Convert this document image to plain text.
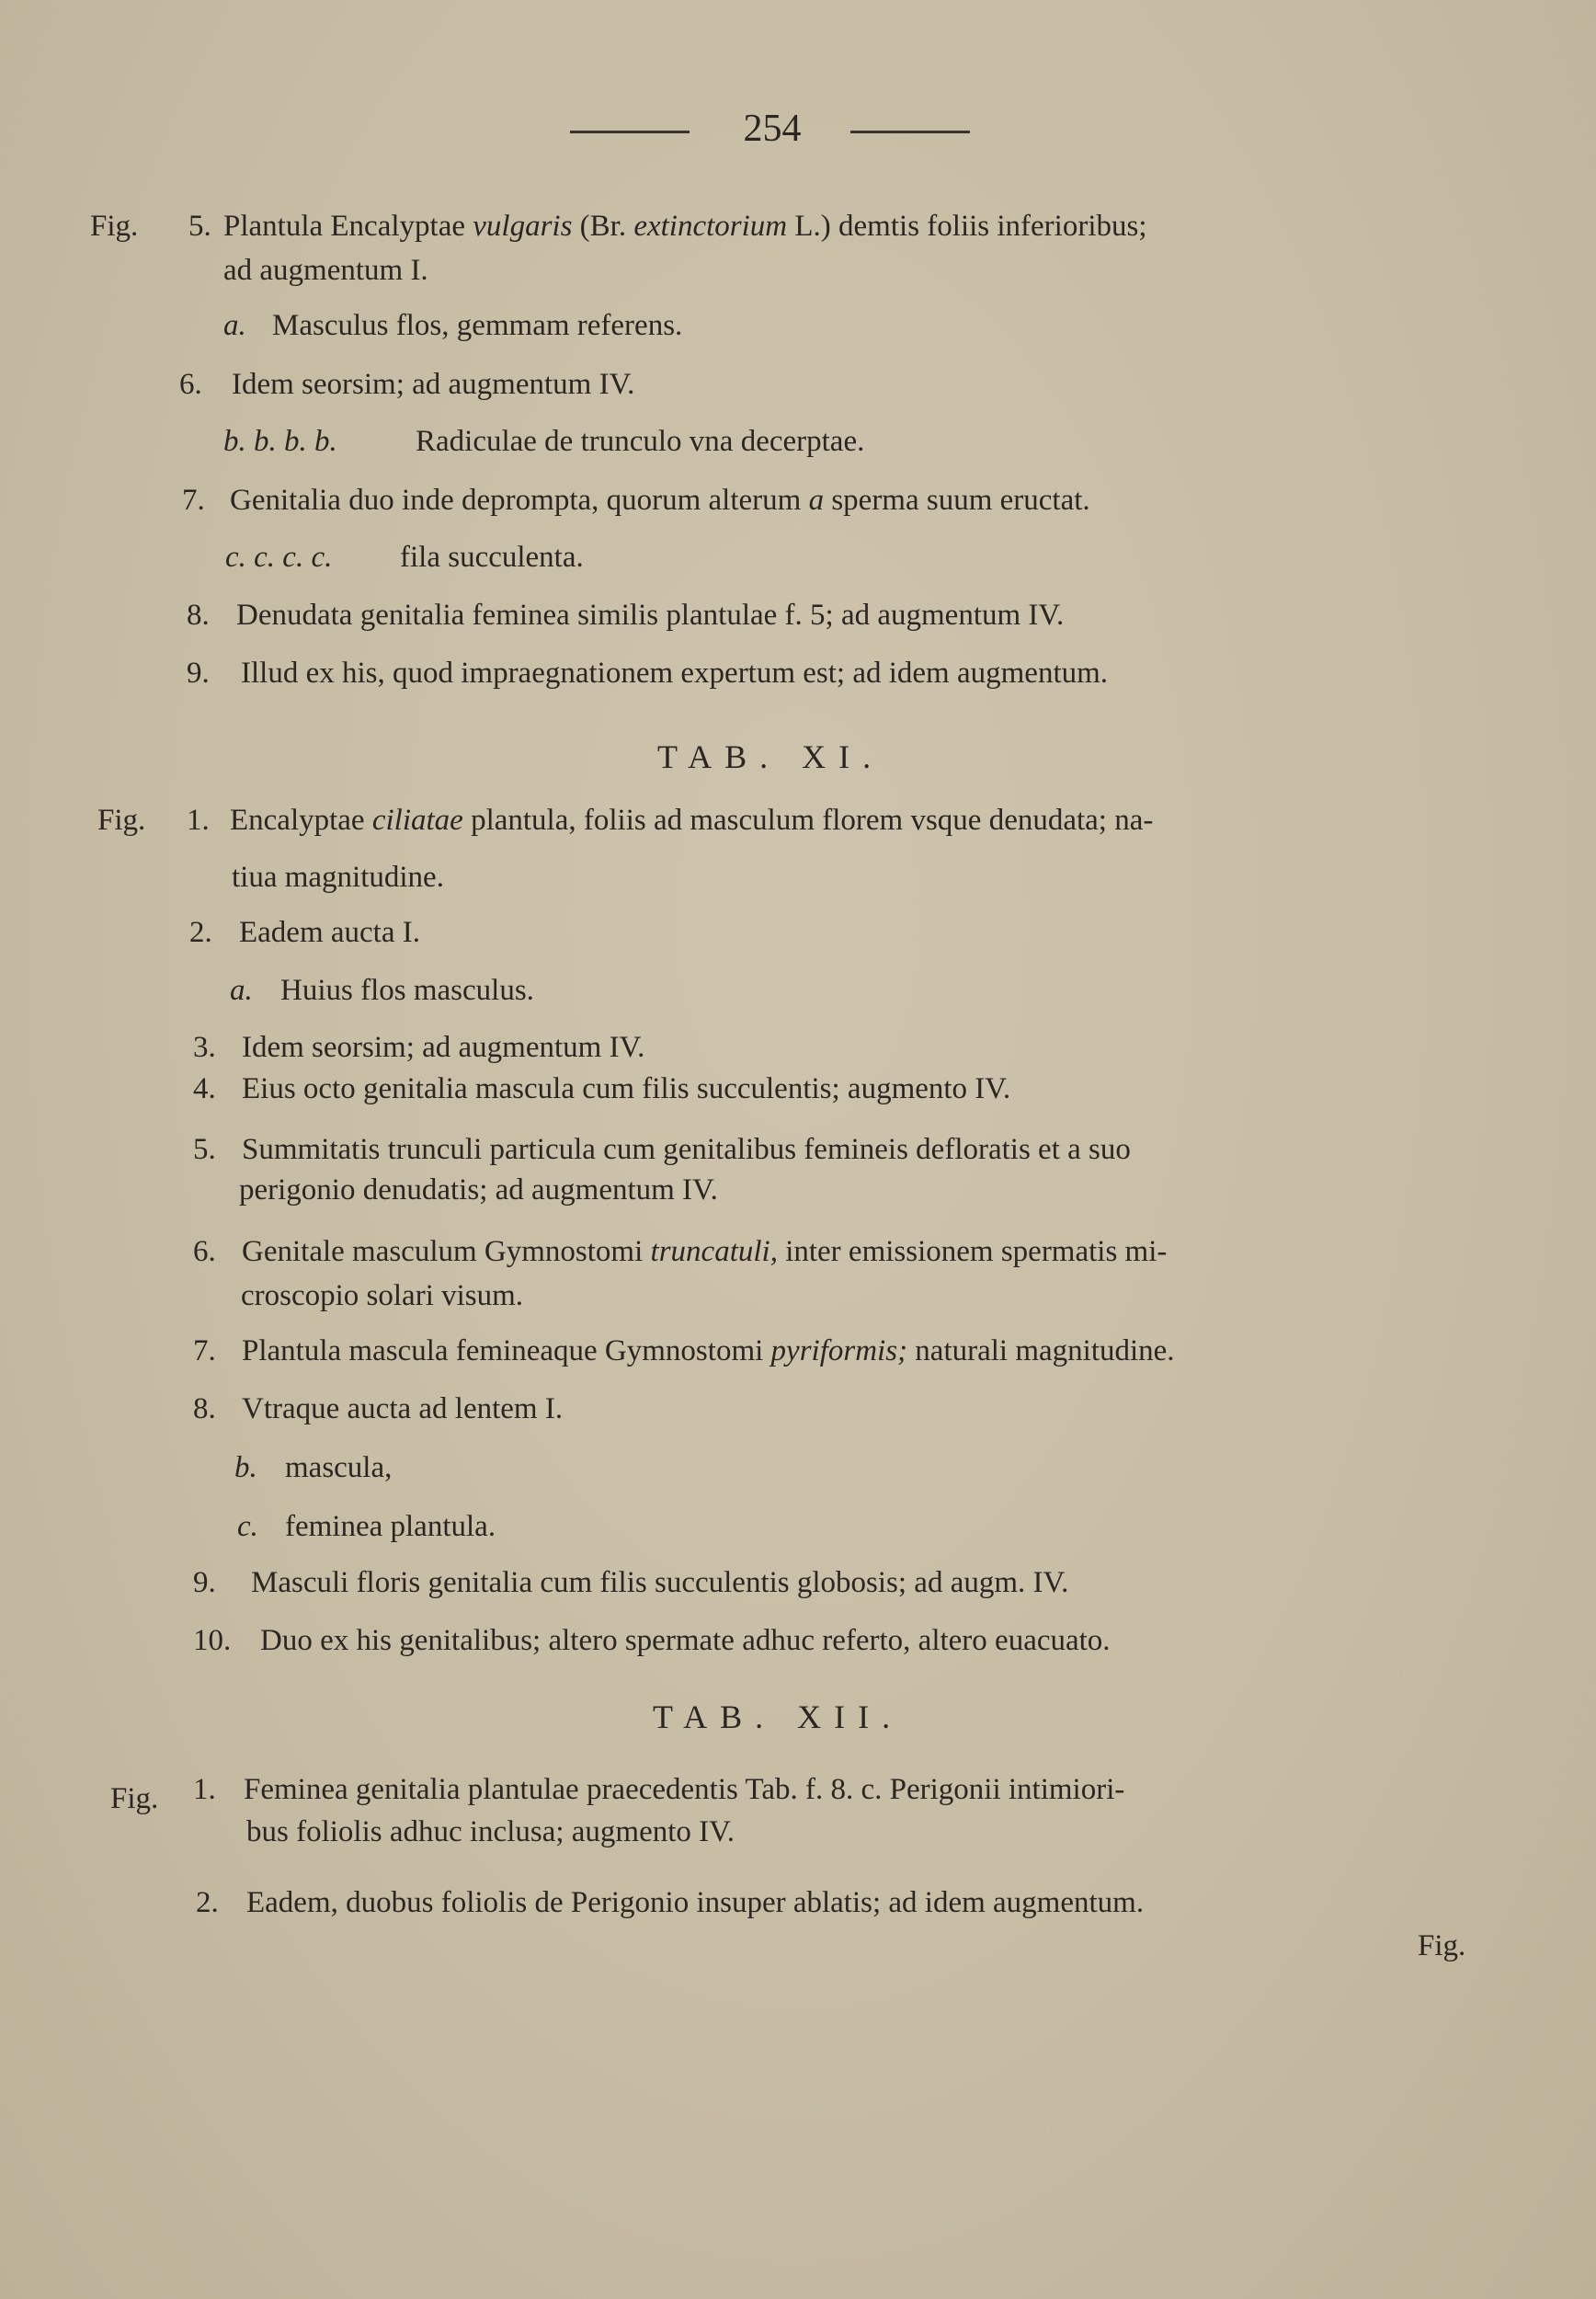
254
Fig. 5. Plantula Encalyptae vulgaris (Br. extinctorium L.) demtis foliis inferioribus;
ad augmentum I.
a. Masculus flos, gemmam referens.
6. Idem seorsim; ad augmentum IV.
b. b. b. b.	Radiculae de trunculo vna decerptae.
7. Genitalia duo inde deprompta, quorum alterum a sperma suum eructat.
c. c. c. c. fila succulenta.
8. Denudata genitalia feminea similis plantulae f. 5; ad augmentum IV.
9. Illud ex his, quod impraegnationem expertum est; ad idem augmentum.
TAB. XI.
Fig. 1. Encalyptae ciliatae plantula, foliis ad masculum florem vsque denudata; na-
tiua magnitudine.
2. Eadem aucta I.
a. Huius flos masculus.
3. Idem seorsim; ad augmentum IV.
4. Eius octo genitalia mascula cum filis succulentis; augmento IV.
5. Summitatis trunculi particula cum genitalibus femineis defloratis et a suo
perigonio denudatis; ad augmentum IV.
6. Genitale masculum Gymnostomi truncatuli, inter emissionem spermatis mi-
croscopio solari visum.
7. Plantula mascula femineaque Gymnostomi pyriformis; naturali magnitudine.
8. Vtraque aucta ad lentem I.
b. mascula,
c. feminea plantula.
9. Masculi floris genitalia cum filis succulentis globosis; ad augm. IV.
10. Duo ex his genitalibus; altero spermate adhuc referto, altero euacuato.
TAB. XII.
Fig. 1. Feminea genitalia plantulae praecedentis Tab. f. 8. c. Perigonii intimiori-
bus foliolis adhuc inclusa; augmento IV.
2. Eadem, duobus foliolis de Perigonio insuper ablatis; ad idem augmentum.
Fig.
